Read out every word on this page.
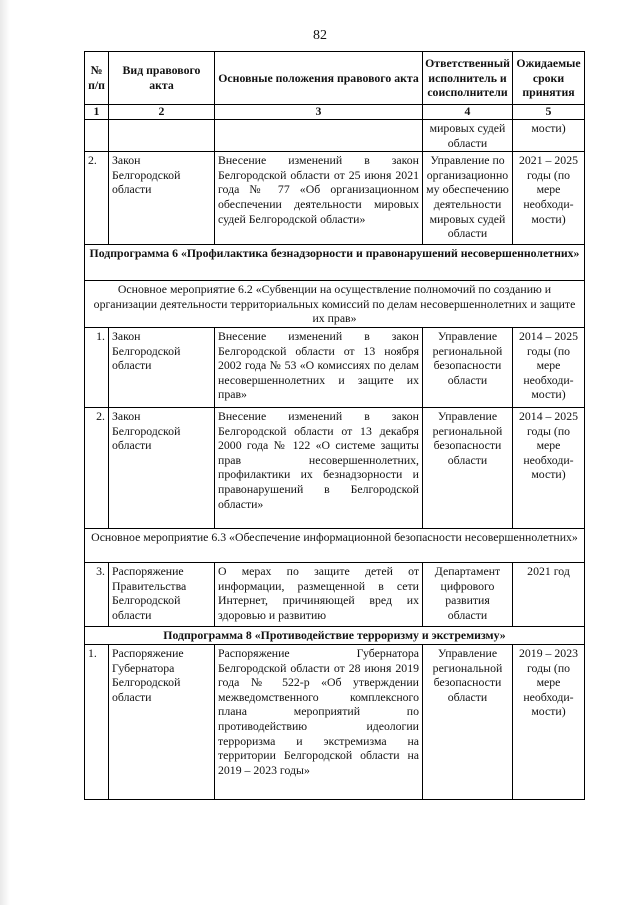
82
№ п/п	Вид правового акта	Основные положения правового акта	Ответственный исполнитель и соисполнители	Ожидаемые сроки принятия
1	2	3	4	5
			мировых судей области	мости)
2.	Закон Белгородской области	Внесение изменений в закон Белгородской области от 25 июня 2021 года № 77 «Об организационном обеспечении деятельности мировых судей Белгородской области»	Управление по организационно му обеспечению деятельности мировых судей области	2021 – 2025 годы (по мере необходи-мости)
Подпрограмма 6 «Профилактика безнадзорности и правонарушений несовершеннолетних»				
Основное мероприятие 6.2 «Субвенции на осуществление полномочий по созданию и организации деятельности территориальных комиссий по делам несовершеннолетних и защите их прав»				
1.	Закон Белгородской области	Внесение изменений в закон Белгородской области от 13 ноября 2002 года № 53 «О комиссиях по делам несовершеннолетних и защите их прав»	Управление региональной безопасности области	2014 – 2025 годы (по мере необходи-мости)
2.	Закон Белгородской области	Внесение изменений в закон Белгородской области от 13 декабря 2000 года № 122 «О системе защиты прав несовершеннолетних, профилактики их безнадзорности и правонарушений в Белгородской области»	Управление региональной безопасности области	2014 – 2025 годы (по мере необходи-мости)
Основное мероприятие 6.3 «Обеспечение информационной безопасности несовершеннолетних»				
3.	Распоряжение Правительства Белгородской области	О мерах по защите детей от информации, размещенной в сети Интернет, причиняющей вред их здоровью и развитию	Департамент цифрового развития области	2021 год
Подпрограмма 8 «Противодействие терроризму и экстремизму»				
1.	Распоряжение Губернатора Белгородской области	Распоряжение Губернатора Белгородской области от 28 июня 2019 года № 522-р «Об утверждении межведомственного комплексного плана мероприятий по противодействию идеологии терроризма и экстремизма на территории Белгородской области на 2019 – 2023 годы»	Управление региональной безопасности области	2019 – 2023 годы (по мере необходи-мости)
